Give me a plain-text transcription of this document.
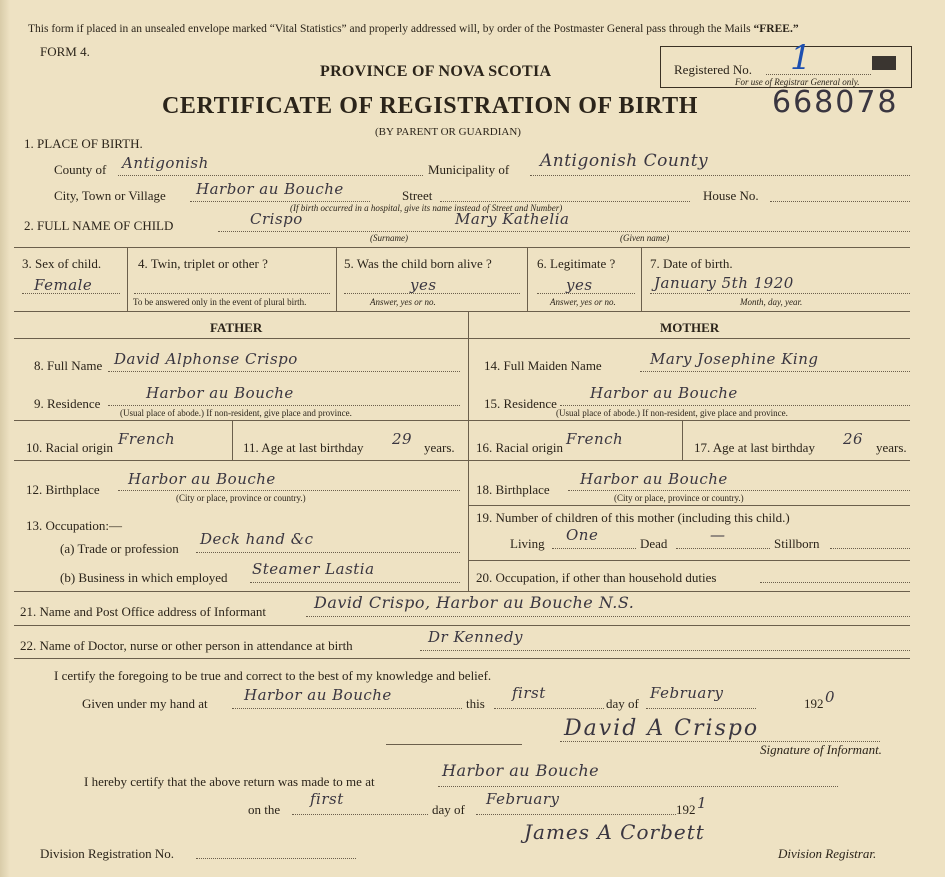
This form if placed in an unsealed envelope marked “Vital Statistics” and properly addressed will, by order of the Postmaster General pass through the Mails “FREE.”
FORM 4.
Registered No. 1
For use of Registrar General only.
PROVINCE OF NOVA SCOTIA
CERTIFICATE OF REGISTRATION OF BIRTH 668078
(BY PARENT OR GUARDIAN)
1. PLACE OF BIRTH.
County of Antigonish	Municipality of Antigonish County
City, Town or Village Harbor au Bouche	Street
(If birth occurred in a hospital, give its name instead of Street and Number)
House No.
2. FULL NAME OF CHILD	Crispo	Mary Kathelia
(Surname)	(Given name)
3. Sex of child.
Female
4. Twin, triplet or other ?
To be answered only in the event of plural birth.
5. Was the child born alive ?
yes
Answer, yes or no.
6. Legitimate ?
yes
Answer, yes or no.
7. Date of birth.
January 5th 1920
Month, day, year.
FATHER	MOTHER
8. Full Name David Alphonse Crispo
9. Residence
Harbor au Bouche
(Usual place of abode.) If non-resident, give place and province.
10. Racial origin French	11. Age at last birthday 29 years. 16. Racial origin French	17. Age at last birthday 26 years.
12. Birthplace
Harbor au Bouche
(City or place, province or country.)
13. Occupation:—
(a) Trade or profession
Deck hand &c
(b) Business in which employed Steamer Lastia
14. Full Maiden Name	Mary Josephine King
15. Residence
Harbor au Bouche
(Usual place of abode.) If non-resident, give place and province.
18. Birthplace
Harbor au Bouche
(City or place, province or country.)
19. Number of children of this mother (including this child.)
Living One	Dead	—	Stillborn
20. Occupation, if other than household duties
21. Name and Post Office address of Informant	David Crispo, Harbor au Bouche N.S.
22. Name of Doctor, nurse or other person in attendance at birth	Dr Kennedy
I certify the foregoing to be true and correct to the best of my knowledge and belief.
Given under my hand at Harbor au Bouche	this
first
day of
February
192 0
David A Crispo
Signature of Informant.
I hereby certify that the above return was made to me at
Harbor au Bouche
on the
first
day of
February
192 1
James A Corbett
Division Registration No.	Division Registrar.
